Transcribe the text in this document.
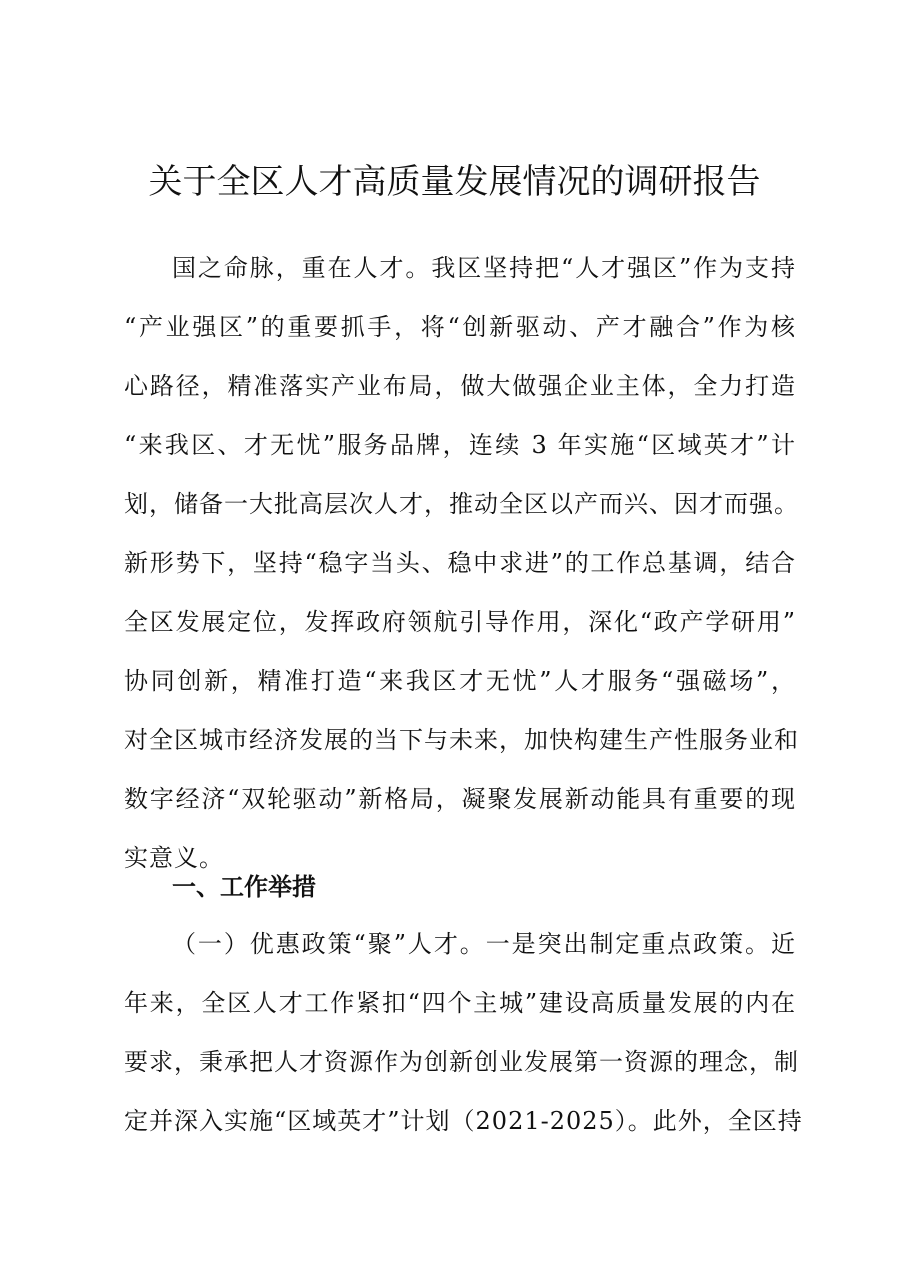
关于全区人才高质量发展情况的调研报告
国之命脉，重在人才。我区坚持把“人才强区”作为支持
“产业强区”的重要抓手，将“创新驱动、产才融合”作为核
心路径，精准落实产业布局，做大做强企业主体，全力打造
“来我区、才无忧”服务品牌，连续 3 年实施“区域英才”计
划，储备一大批高层次人才，推动全区以产而兴、因才而强。
新形势下，坚持“稳字当头、稳中求进”的工作总基调，结合
全区发展定位，发挥政府领航引导作用，深化“政产学研用”
协同创新，精准打造“来我区才无忧”人才服务“强磁场”，
对全区城市经济发展的当下与未来，加快构建生产性服务业和
数字经济“双轮驱动”新格局，凝聚发展新动能具有重要的现
实意义。
一、工作举措
（一）优惠政策“聚”人才。一是突出制定重点政策。近
年来，全区人才工作紧扣“四个主城”建设高质量发展的内在
要求，秉承把人才资源作为创新创业发展第一资源的理念，制
定并深入实施“区域英才”计划（2021-2025）。此外，全区持
